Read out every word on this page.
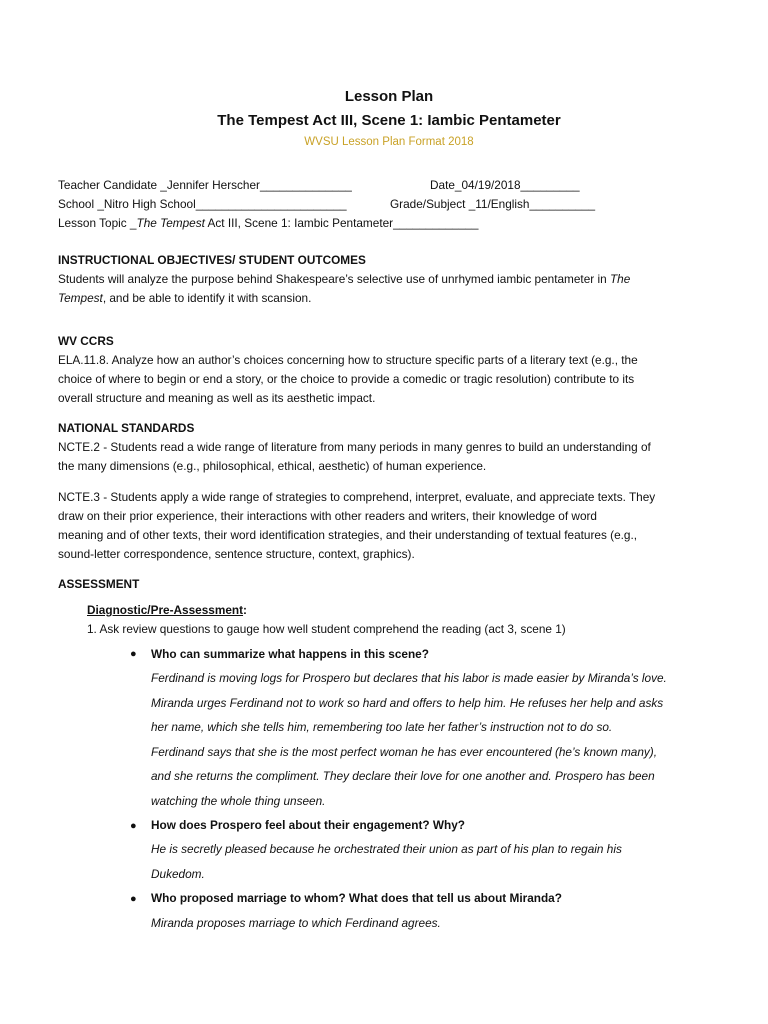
Lesson Plan
The Tempest Act III, Scene 1: Iambic Pentameter
WVSU Lesson Plan Format 2018
Teacher Candidate _Jennifer Herscher______________	Date_04/19/2018_________
School _Nitro High School_______________________	Grade/Subject _11/English__________
Lesson Topic _The Tempest Act III, Scene 1: Iambic Pentameter_____________
INSTRUCTIONAL OBJECTIVES/ STUDENT OUTCOMES
Students will analyze the purpose behind Shakespeare’s selective use of unrhymed iambic pentameter in The
Tempest, and be able to identify it with scansion.
WV CCRS
ELA.11.8. Analyze how an author’s choices concerning how to structure specific parts of a literary text (e.g., the
choice of where to begin or end a story, or the choice to provide a comedic or tragic resolution) contribute to its
overall structure and meaning as well as its aesthetic impact.
NATIONAL STANDARDS
NCTE.2 - Students read a wide range of literature from many periods in many genres to build an understanding of
the many dimensions (e.g., philosophical, ethical, aesthetic) of human experience.
NCTE.3 - Students apply a wide range of strategies to comprehend, interpret, evaluate, and appreciate texts. They
draw on their prior experience, their interactions with other readers and writers, their knowledge of word
meaning and of other texts, their word identification strategies, and their understanding of textual features (e.g.,
sound-letter correspondence, sentence structure, context, graphics).
ASSESSMENT
Diagnostic/Pre-Assessment:
1. Ask review questions to gauge how well student comprehend the reading (act 3, scene 1)
● Who can summarize what happens in this scene?
Ferdinand is moving logs for Prospero but declares that his labor is made easier by Miranda’s love.
Miranda urges Ferdinand not to work so hard and offers to help him. He refuses her help and asks
her name, which she tells him, remembering too late her father’s instruction not to do so.
Ferdinand says that she is the most perfect woman he has ever encountered (he’s known many),
and she returns the compliment. They declare their love for one another and. Prospero has been
watching the whole thing unseen.
● How does Prospero feel about their engagement? Why?
He is secretly pleased because he orchestrated their union as part of his plan to regain his
Dukedom.
● Who proposed marriage to whom? What does that tell us about Miranda?
Miranda proposes marriage to which Ferdinand agrees.
